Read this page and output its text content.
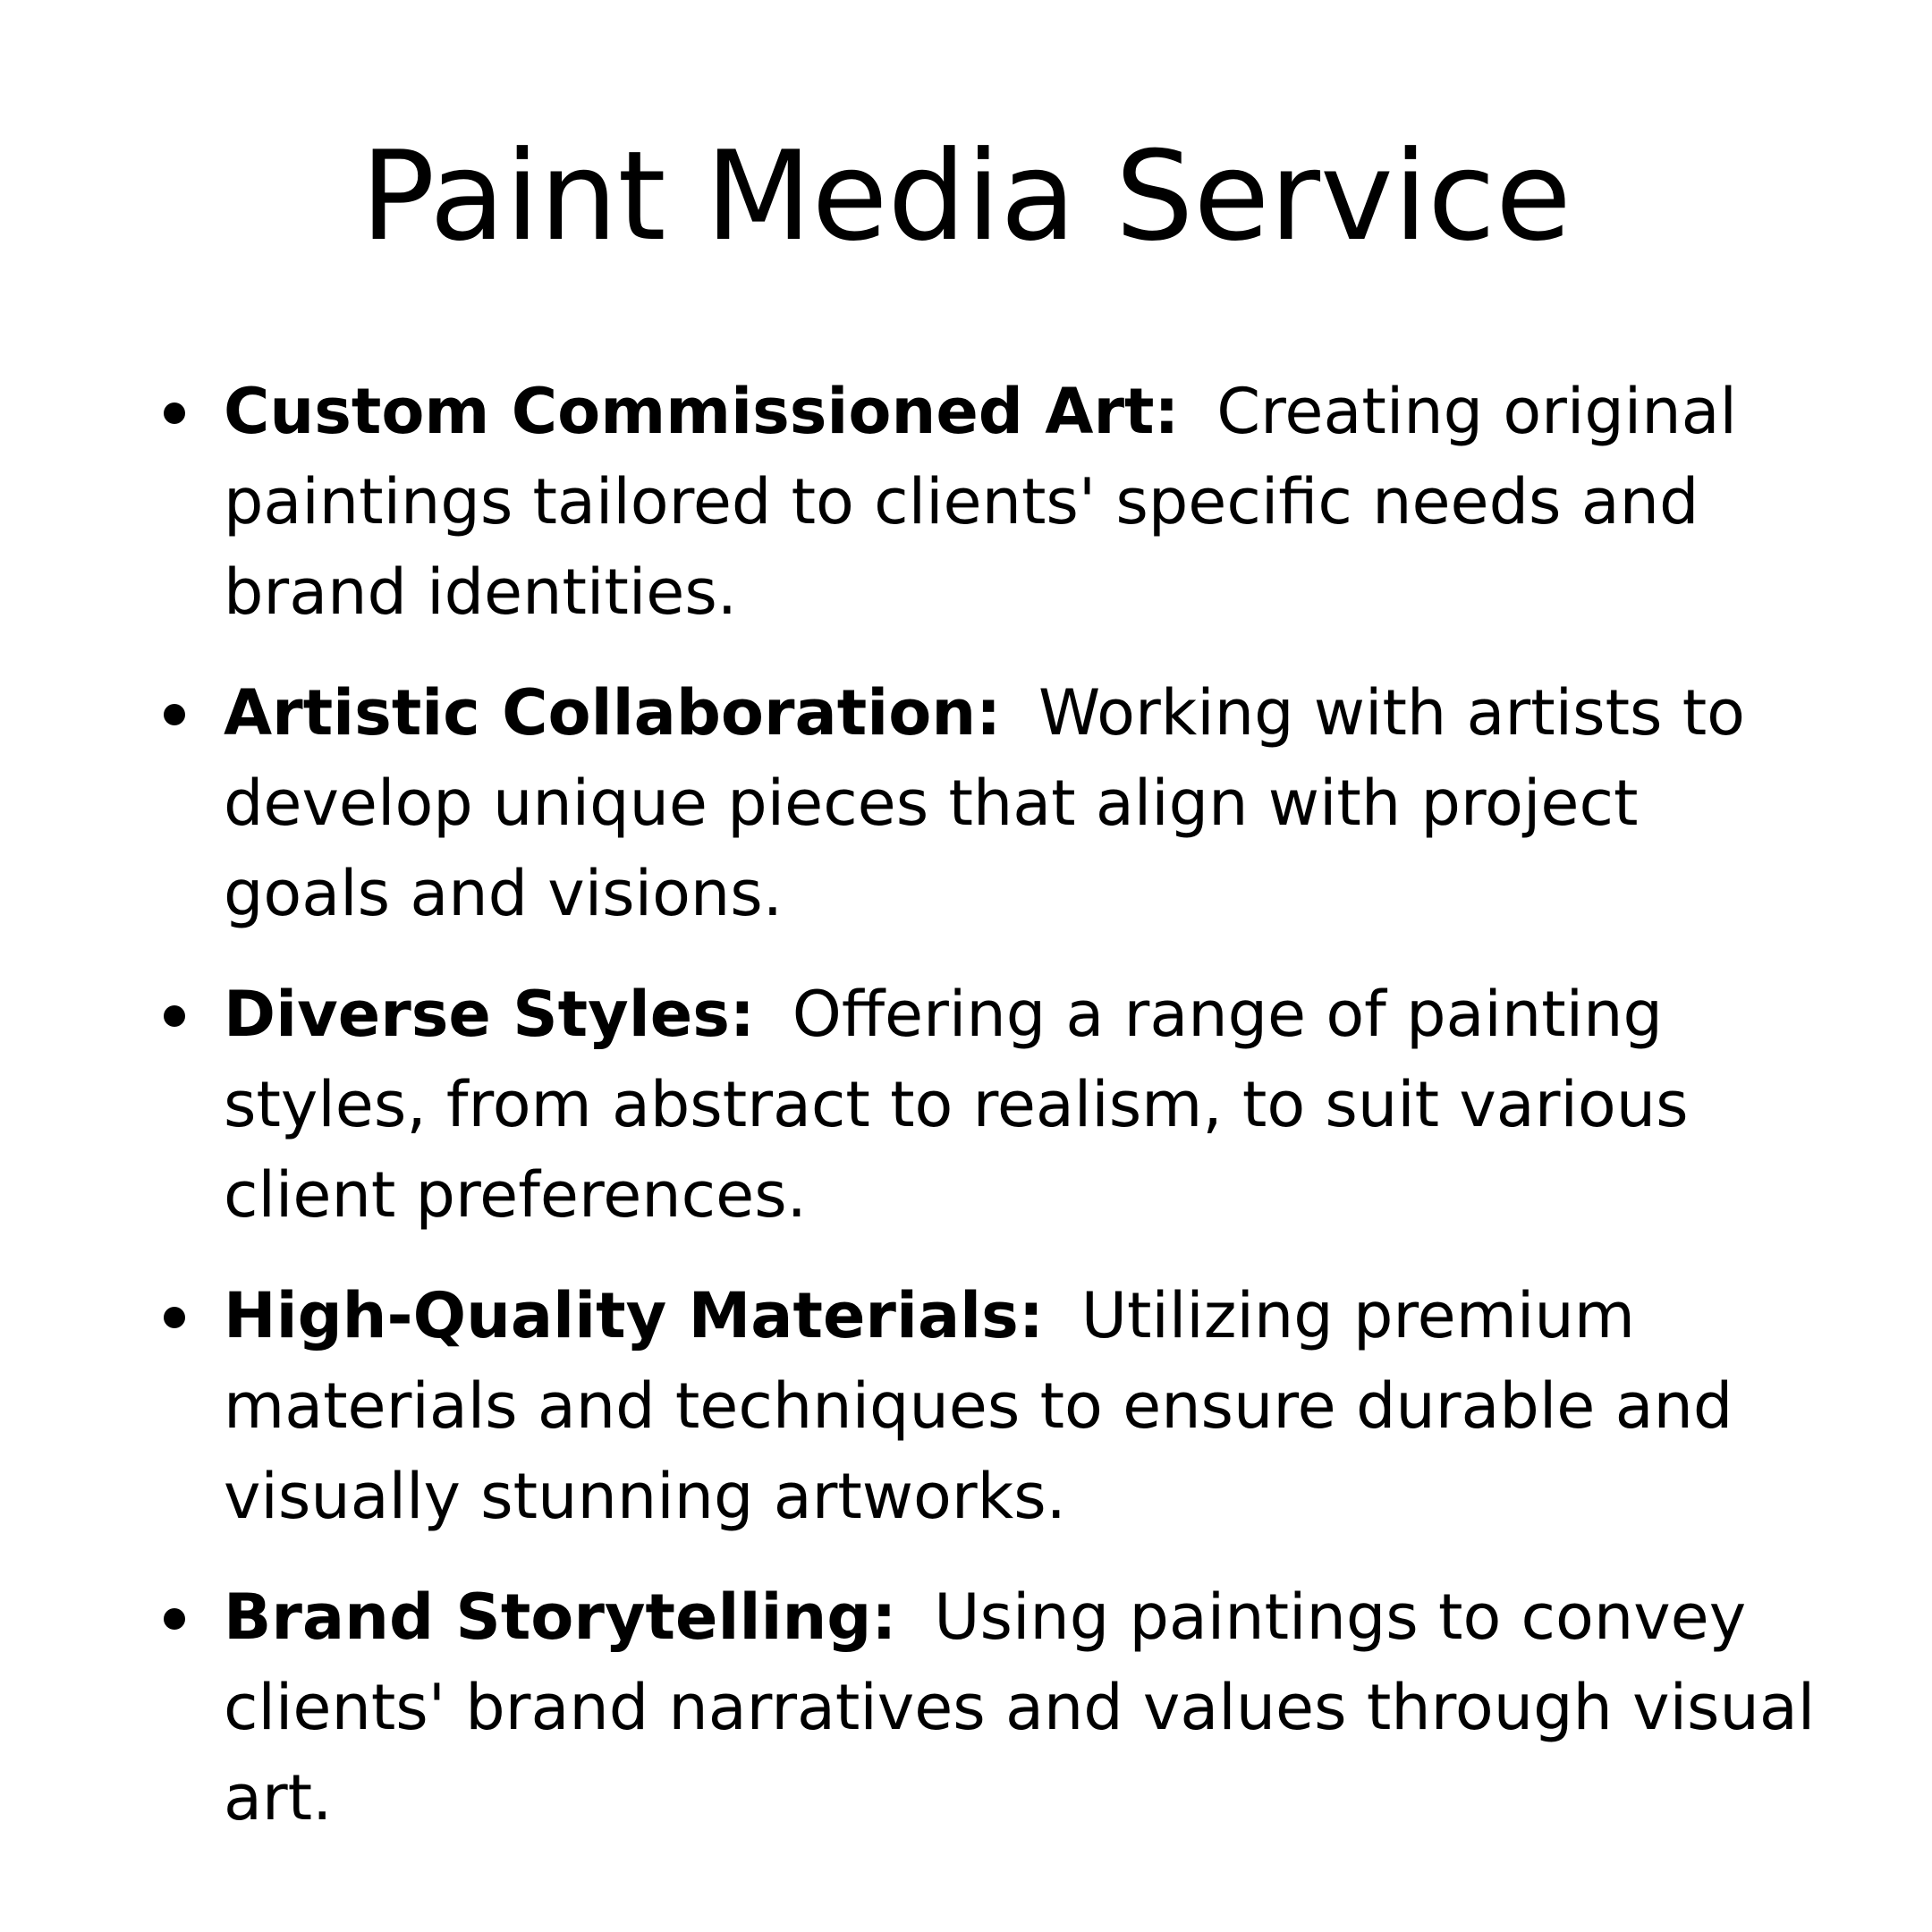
Paint Media Service
Custom Commissioned Art: Creating original paintings tailored to clients' specific needs and brand identities.
Artistic Collaboration: Working with artists to develop unique pieces that align with project goals and visions.
Diverse Styles: Offering a range of painting styles, from abstract to realism, to suit various client preferences.
High-Quality Materials: Utilizing premium materials and techniques to ensure durable and visually stunning artworks.
Brand Storytelling: Using paintings to convey clients' brand narratives and values through visual art.
